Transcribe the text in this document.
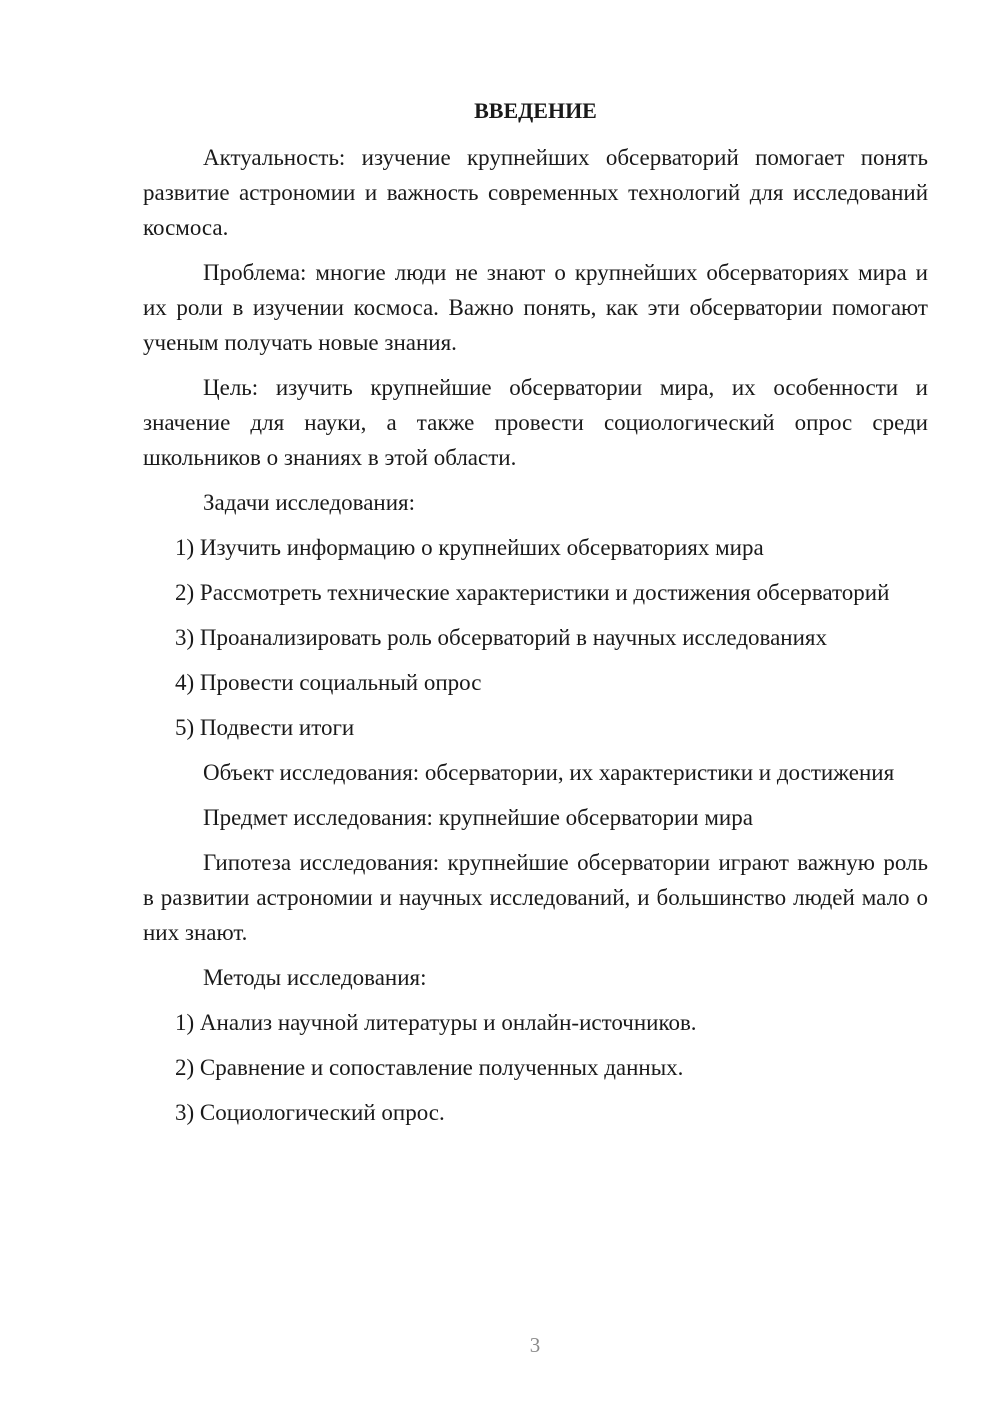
ВВЕДЕНИЕ

Актуальность: изучение крупнейших обсерваторий помогает понять развитие астрономии и важность современных технологий для исследований космоса.

Проблема: многие люди не знают о крупнейших обсерваториях мира и их роли в изучении космоса. Важно понять, как эти обсерватории помогают ученым получать новые знания.

Цель: изучить крупнейшие обсерватории мира, их особенности и значение для науки, а также провести социологический опрос среди школьников о знаниях в этой области.

Задачи исследования:

1) Изучить информацию о крупнейших обсерваториях мира

2) Рассмотреть технические характеристики и достижения обсерваторий

3) Проанализировать роль обсерваторий в научных исследованиях

4) Провести социальный опрос

5) Подвести итоги

Объект исследования: обсерватории, их характеристики и достижения

Предмет исследования: крупнейшие обсерватории мира

Гипотеза исследования: крупнейшие обсерватории играют важную роль в развитии астрономии и научных исследований, и большинство людей мало о них знают.

Методы исследования:

1) Анализ научной литературы и онлайн-источников.

2) Сравнение и сопоставление полученных данных.

3) Социологический опрос.

3
